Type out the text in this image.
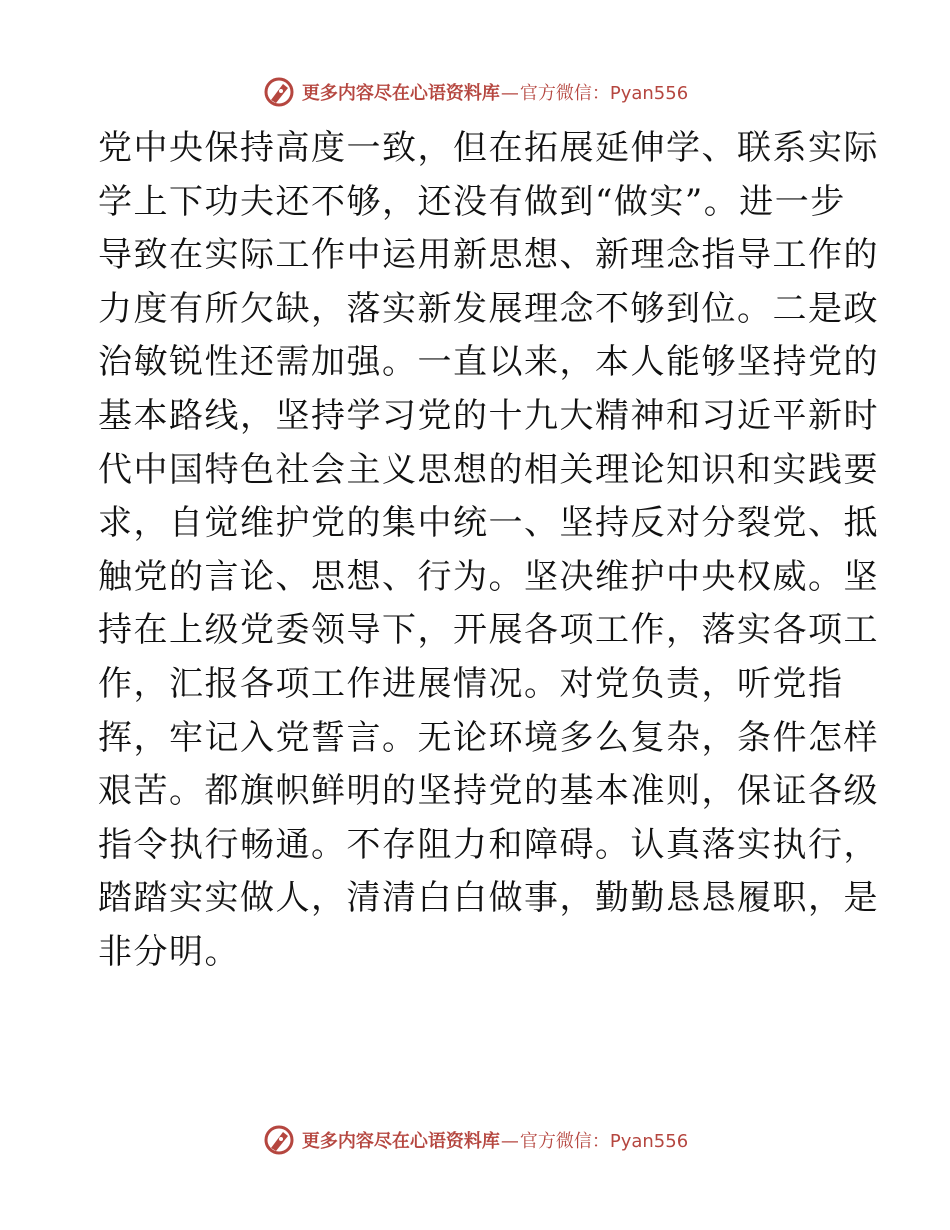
更多内容尽在心语资料库 — 官方微信：Pyan556
党中央保持高度一致，但在拓展延伸学、联系实际
学上下功夫还不够，还没有做到“做实”。进一步
导致在实际工作中运用新思想、新理念指导工作的
力度有所欠缺，落实新发展理念不够到位。二是政
治敏锐性还需加强。一直以来，本人能够坚持党的
基本路线，坚持学习党的十九大精神和习近平新时
代中国特色社会主义思想的相关理论知识和实践要
求，自觉维护党的集中统一、坚持反对分裂党、抵
触党的言论、思想、行为。坚决维护中央权威。坚
持在上级党委领导下，开展各项工作，落实各项工
作，汇报各项工作进展情况。对党负责，听党指
挥，牢记入党誓言。无论环境多么复杂，条件怎样
艰苦。都旗帜鲜明的坚持党的基本准则，保证各级
指令执行畅通。不存阻力和障碍。认真落实执行，
踏踏实实做人，清清白白做事，勤勤恳恳履职，是
非分明。
更多内容尽在心语资料库 — 官方微信：Pyan556
